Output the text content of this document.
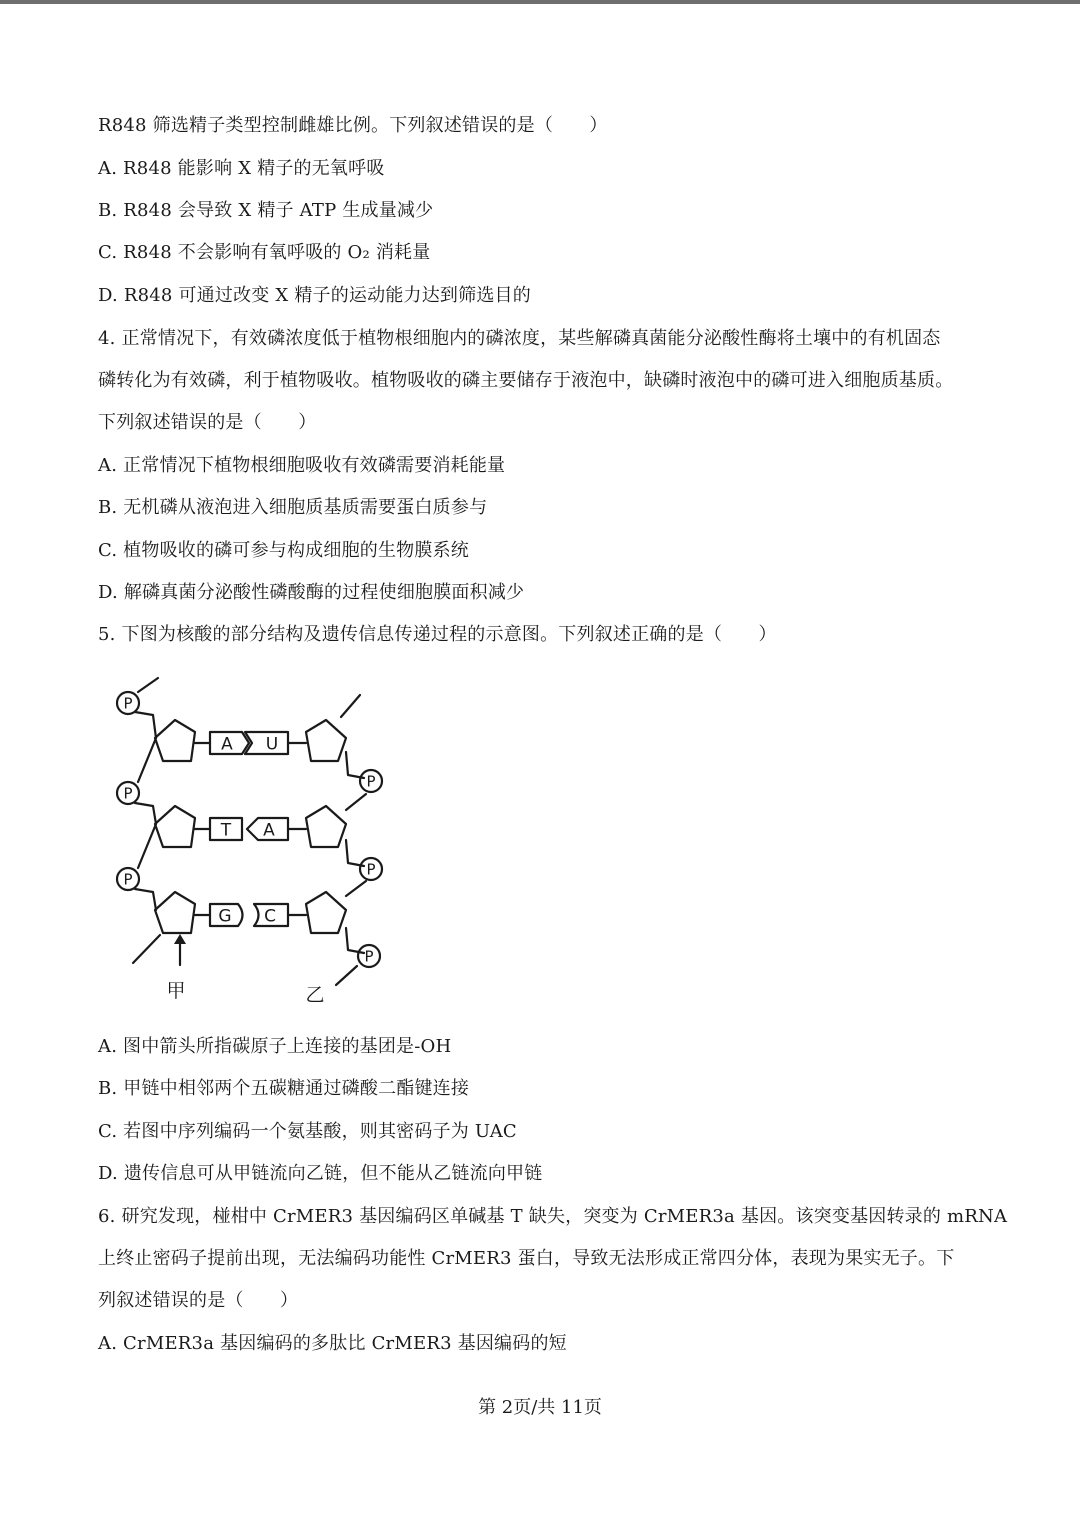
R848 筛选精子类型控制雌雄比例。下列叙述错误的是（　　）
A. R848 能影响 X 精子的无氧呼吸
B. R848 会导致 X 精子 ATP 生成量减少
C. R848 不会影响有氧呼吸的 O₂ 消耗量
D. R848 可通过改变 X 精子的运动能力达到筛选目的
4. 正常情况下，有效磷浓度低于植物根细胞内的磷浓度，某些解磷真菌能分泌酸性酶将土壤中的有机固态
磷转化为有效磷，利于植物吸收。植物吸收的磷主要储存于液泡中，缺磷时液泡中的磷可进入细胞质基质。
下列叙述错误的是（　　）
A. 正常情况下植物根细胞吸收有效磷需要消耗能量
B. 无机磷从液泡进入细胞质基质需要蛋白质参与
C. 植物吸收的磷可参与构成细胞的生物膜系统
D. 解磷真菌分泌酸性磷酸酶的过程使细胞膜面积减少
5. 下图为核酸的部分结构及遗传信息传递过程的示意图。下列叙述正确的是（　　）
P
P
P
P
P
P
A U
T A
G C
甲	乙
A. 图中箭头所指碳原子上连接的基团是-OH
B. 甲链中相邻两个五碳糖通过磷酸二酯键连接
C. 若图中序列编码一个氨基酸，则其密码子为 UAC
D. 遗传信息可从甲链流向乙链，但不能从乙链流向甲链
6. 研究发现，椪柑中 CrMER3 基因编码区单碱基 T 缺失，突变为 CrMER3a 基因。该突变基因转录的 mRNA
上终止密码子提前出现，无法编码功能性 CrMER3 蛋白，导致无法形成正常四分体，表现为果实无子。下
列叙述错误的是（　　）
A. CrMER3a 基因编码的多肽比 CrMER3 基因编码的短
第 2页/共 11页
